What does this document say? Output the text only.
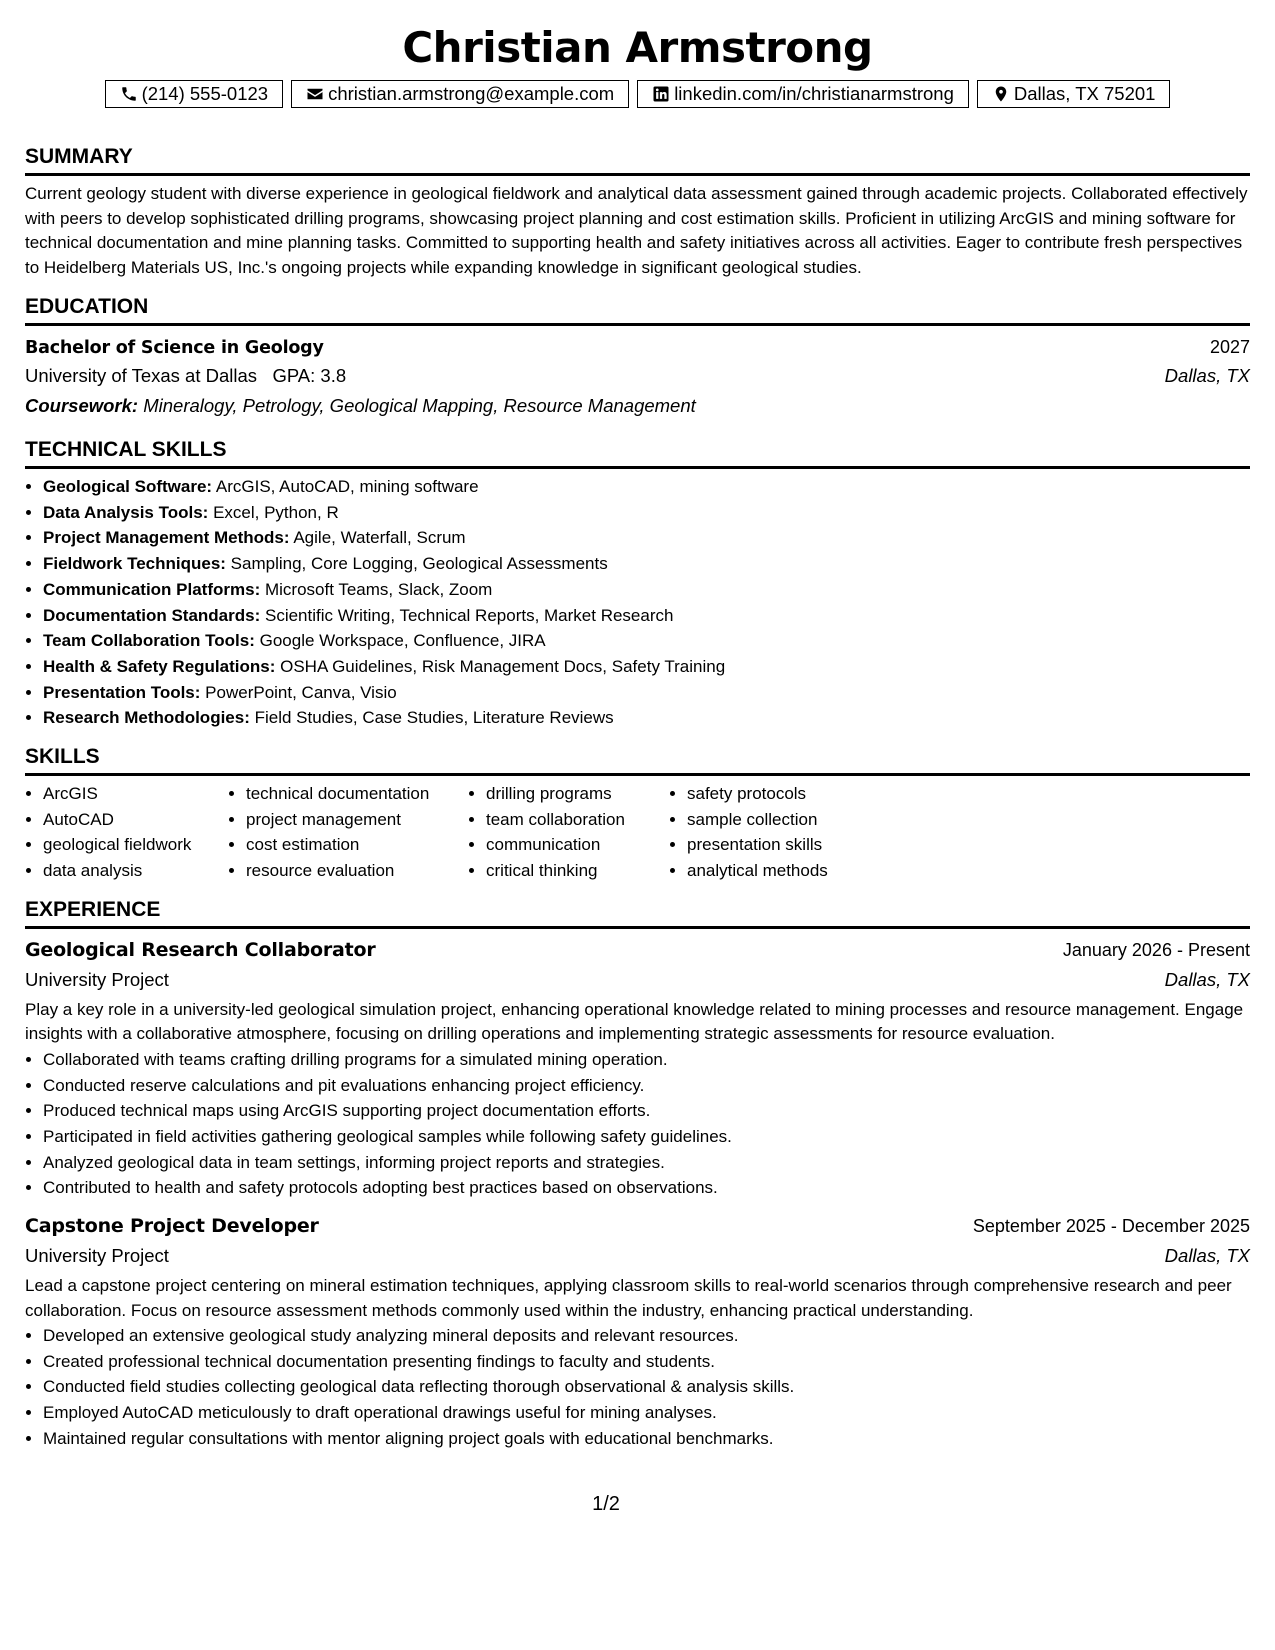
Christian Armstrong
(214) 555-0123	christian.armstrong@example.com	linkedin.com/in/christianarmstrong	Dallas, TX 75201
SUMMARY

Current geology student with diverse experience in geological fieldwork and analytical data assessment gained through academic projects. Collaborated effectively with peers to develop sophisticated drilling programs, showcasing project planning and cost estimation skills. Proficient in utilizing ArcGIS and mining software for technical documentation and mine planning tasks. Committed to supporting health and safety initiatives across all activities. Eager to contribute fresh perspectives to Heidelberg Materials US, Inc.'s ongoing projects while expanding knowledge in significant geological studies.

EDUCATION
Bachelor of Science in Geology	2027
University of Texas at Dallas GPA: 3.8	Dallas, TX
Coursework: Mineralogy, Petrology, Geological Mapping, Resource Management
TECHNICAL SKILLS
• Geological Software: ArcGIS, AutoCAD, mining software
• Data Analysis Tools: Excel, Python, R
• Project Management Methods: Agile, Waterfall, Scrum
• Fieldwork Techniques: Sampling, Core Logging, Geological Assessments
• Communication Platforms: Microsoft Teams, Slack, Zoom
• Documentation Standards: Scientific Writing, Technical Reports, Market Research
• Team Collaboration Tools: Google Workspace, Confluence, JIRA
• Health & Safety Regulations: OSHA Guidelines, Risk Management Docs, Safety Training
• Presentation Tools: PowerPoint, Canva, Visio
• Research Methodologies: Field Studies, Case Studies, Literature Reviews
SKILLS
• ArcGIS
• AutoCAD
• geological fieldwork
• data analysis
• technical documentation
• project management
• cost estimation
• resource evaluation
• drilling programs
• team collaboration
• communication
• critical thinking
• safety protocols
• sample collection
• presentation skills
• analytical methods
EXPERIENCE
Geological Research Collaborator	January 2026 - Present
University Project	Dallas, TX

Play a key role in a university-led geological simulation project, enhancing operational knowledge related to mining processes and resource management. Engage insights with a collaborative atmosphere, focusing on drilling operations and implementing strategic assessments for resource evaluation.

• Collaborated with teams crafting drilling programs for a simulated mining operation.
• Conducted reserve calculations and pit evaluations enhancing project efficiency.
• Produced technical maps using ArcGIS supporting project documentation efforts.
• Participated in field activities gathering geological samples while following safety guidelines.
• Analyzed geological data in team settings, informing project reports and strategies.
• Contributed to health and safety protocols adopting best practices based on observations.
Capstone Project Developer	September 2025 - December 2025
University Project	Dallas, TX

Lead a capstone project centering on mineral estimation techniques, applying classroom skills to real-world scenarios through comprehensive research and peer collaboration. Focus on resource assessment methods commonly used within the industry, enhancing practical understanding.

• Developed an extensive geological study analyzing mineral deposits and relevant resources.
• Created professional technical documentation presenting findings to faculty and students.
• Conducted field studies collecting geological data reflecting thorough observational & analysis skills.
• Employed AutoCAD meticulously to draft operational drawings useful for mining analyses.
• Maintained regular consultations with mentor aligning project goals with educational benchmarks.
1/2
